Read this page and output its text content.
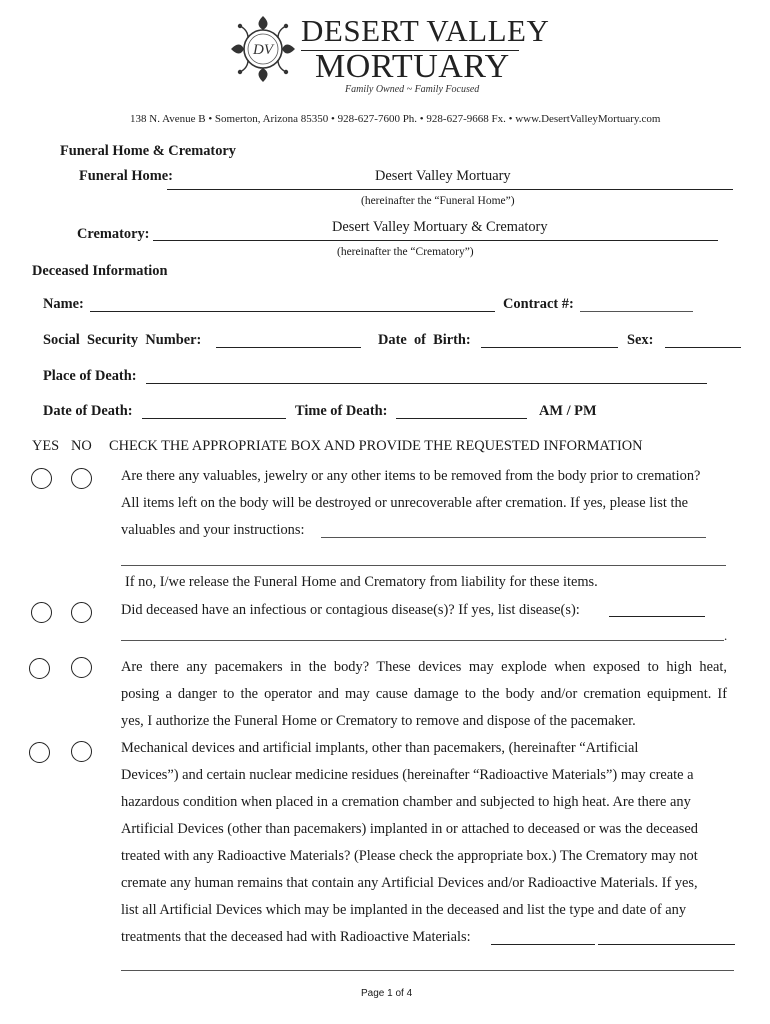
DV
DESERT VALLEY
MORTUARY
Family Owned ~ Family Focused
138 N. Avenue B • Somerton, Arizona 85350 • 928-627-7600 Ph. • 928-627-9668 Fx. • www.DesertValleyMortuary.com
Funeral Home & Crematory
Funeral Home:	Desert Valley Mortuary
(hereinafter the “Funeral Home”)
Crematory:	Desert Valley Mortuary & Crematory
(hereinafter the “Crematory”)
Deceased Information
Name:	Contract #:
Social  Security  Number:	Date  of  Birth:	Sex:
Place of Death:
Date of Death:	Time of Death:	AM / PM
YES NO CHECK THE APPROPRIATE BOX AND PROVIDE THE REQUESTED INFORMATION
Are there any valuables, jewelry or any other items to be removed from the body prior to cremation?
All items left on the body will be destroyed or unrecoverable after cremation. If yes, please list the
valuables and your instructions:
If no, I/we release the Funeral Home and Crematory from liability for these items.
Did deceased have an infectious or contagious disease(s)? If yes, list disease(s):
.
Are there any pacemakers in the body? These devices may explode when exposed to high heat,
posing a danger to the operator and may cause damage to the body and/or cremation equipment. If
yes, I authorize the Funeral Home or Crematory to remove and dispose of the pacemaker.
Mechanical devices and artificial implants, other than pacemakers, (hereinafter “Artificial
Devices”) and certain nuclear medicine residues (hereinafter “Radioactive Materials”) may create a
hazardous condition when placed in a cremation chamber and subjected to high heat. Are there any
Artificial Devices (other than pacemakers) implanted in or attached to deceased or was the deceased
treated with any Radioactive Materials? (Please check the appropriate box.) The Crematory may not
cremate any human remains that contain any Artificial Devices and/or Radioactive Materials. If yes,
list all Artificial Devices which may be implanted in the deceased and list the type and date of any
treatments that the deceased had with Radioactive Materials:
Page 1 of 4
